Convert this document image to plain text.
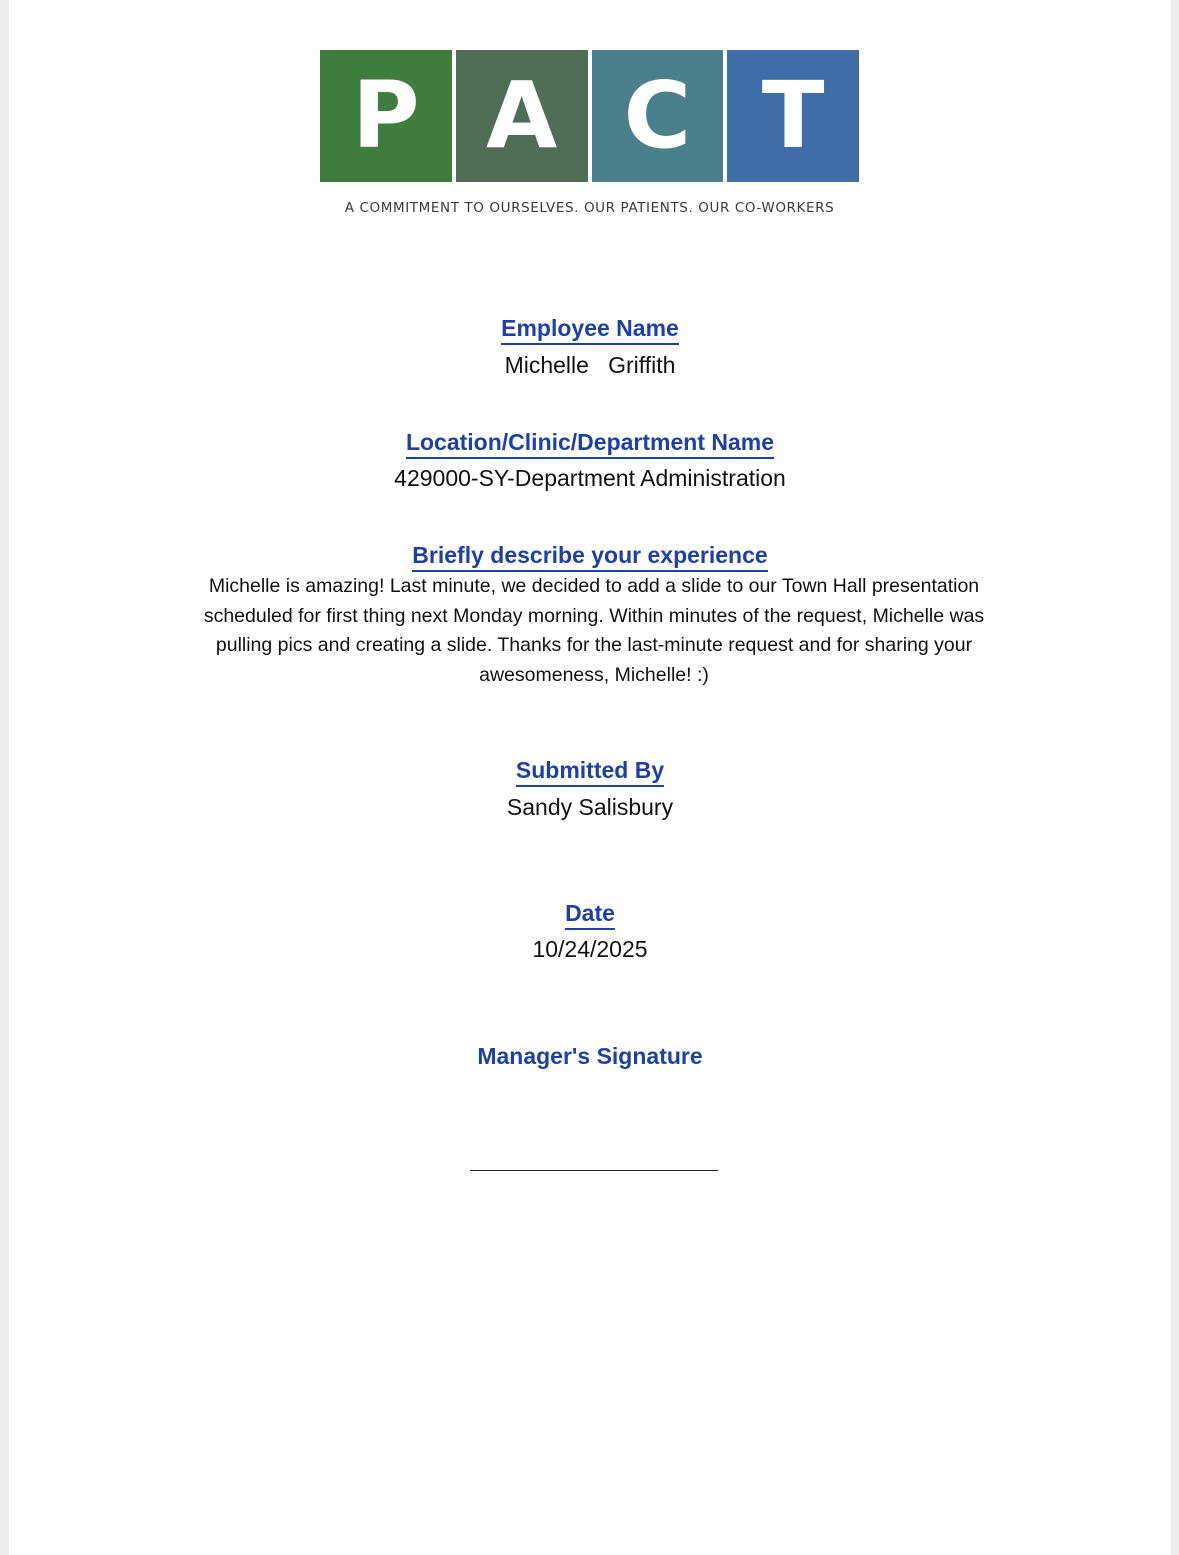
P A C T
A COMMITMENT TO OURSELVES. OUR PATIENTS. OUR CO-WORKERS
Employee Name
Michelle   Griffith
Location/Clinic/Department Name
429000-SY-Department Administration
Briefly describe your experience
Michelle is amazing! Last minute, we decided to add a slide to our Town Hall presentation scheduled for first thing next Monday morning. Within minutes of the request, Michelle was pulling pics and creating a slide. Thanks for the last-minute request and for sharing your awesomeness, Michelle! :)
Submitted By
Sandy Salisbury
Date
10/24/2025
Manager's Signature
